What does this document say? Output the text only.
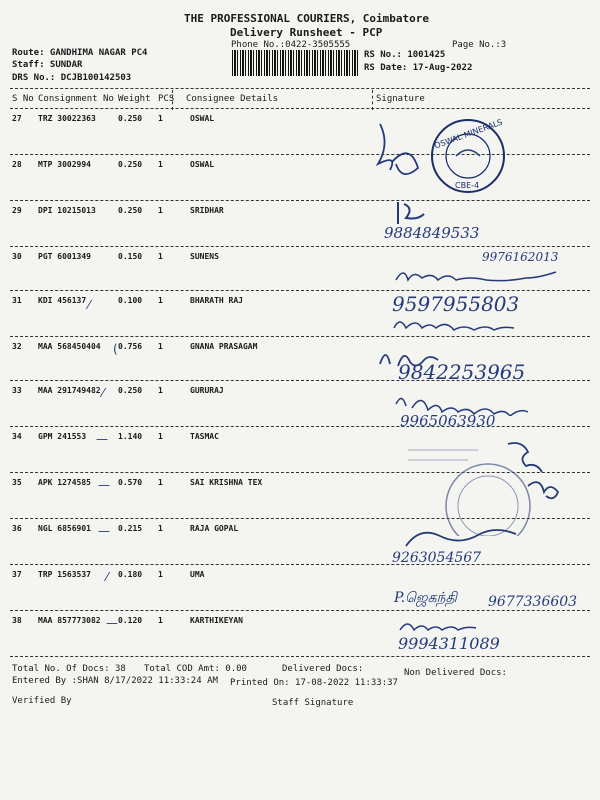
THE PROFESSIONAL COURIERS, Coimbatore
Delivery Runsheet - PCP
Phone No.:0422-3505555	Page No.:3
Route: GANDHIMA NAGAR PC4
Staff: SUNDAR
DRS No.: DCJB100142503
RS No.: 1001425
RS Date: 17-Aug-2022
S No Consignment No Weight PCS Consignee Details	Signature
27 TRZ 30022363	0.250 1	OSWAL
28 MTP 3002994	0.250 1	OSWAL
29 DPI 10215013	0.250 1	SRIDHAR
30 PGT 6001349	0.150 1	SUNENS
31 KDI 456137	0.100 1	BHARATH RAJ
32 MAA 568450404 0.756 1	GNANA PRASAGAM
33 MAA 291749482 0.250 1	GURURAJ
34 GPM 241553	1.140 1	TASMAC
35 APK 1274585	0.570 1	SAI KRISHNA TEX
36 NGL 6856901	0.215 1	RAJA GOPAL
37 TRP 1563537	0.180 1	UMA
38 MAA 857773082 0.120 1	KARTHIKEYAN
⁄
(
⁄
—
—
—
⁄
—
OSWAL MINERALS
CBE-4
9884849533
9976162013
9597955803
9842253965
9965063930
9263054567
P.ஜெகந்தி 9677336603
9994311089
Total No. Of Docs: 38 Total COD Amt: 0.00	Delivered Docs:	Non Delivered Docs:
Entered By :SHAN 8/17/2022 11:33:24 AM Printed On: 17-08-2022 11:33:37
Verified By	Staff Signature
